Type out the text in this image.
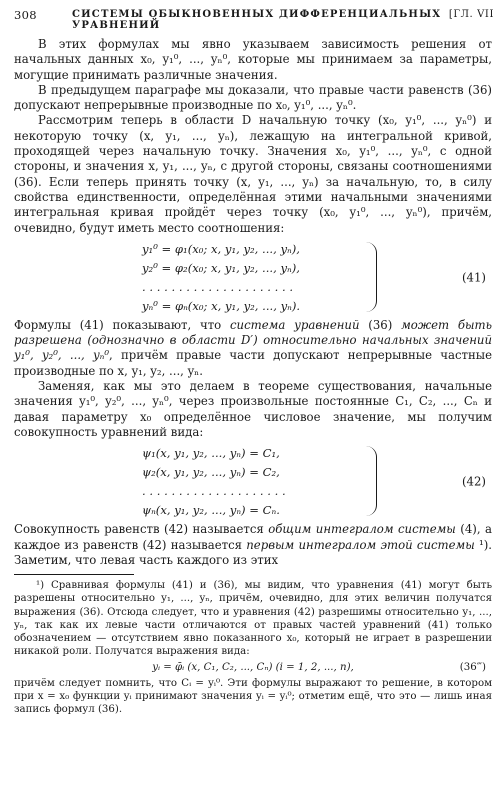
308	СИСТЕМЫ ОБЫКНОВЕННЫХ ДИФФЕРЕНЦИАЛЬНЫХ УРАВНЕНИЙ
[ГЛ. VII

В этих формулах мы явно указываем зависимость решения от начальных данных x₀, y₁⁰, ..., yₙ⁰, которые мы принимаем за параметры, могущие принимать различные значения.

В предыдущем параграфе мы доказали, что правые части равенств (36) допускают непрерывные производные по x₀, y₁⁰, ..., yₙ⁰.

Рассмотрим теперь в области D начальную точку (x₀, y₁⁰, ..., yₙ⁰) и некоторую точку (x, y₁, ..., yₙ), лежащую на интегральной кривой, проходящей через начальную точку. Значения x₀, y₁⁰, ..., yₙ⁰, с одной стороны, и значения x, y₁, ..., yₙ, с другой стороны, связаны соотношениями (36). Если теперь принять точку (x, y₁, ..., yₙ) за начальную, то, в силу свойства единственности, определённая этими начальными значениями интегральная кривая пройдёт через точку (x₀, y₁⁰, ..., yₙ⁰), причём, очевидно, будут иметь место соотношения:

y₁⁰ = φ₁(x₀; x, y₁, y₂, ..., yₙ),
y₂⁰ = φ₂(x₀; x, y₁, y₂, ..., yₙ),
. . . . . . . . . . . . . . . . . . . . .
yₙ⁰ = φₙ(x₀; x, y₁, y₂, ..., yₙ).
(41)

Формулы (41) показывают, что система уравнений (36) может быть разрешена (однозначно в области D′) относительно начальных значений y₁⁰, y₂⁰, ..., yₙ⁰, причём правые части допускают непрерывные частные производные по x, y₁, y₂, ..., yₙ.

Заменяя, как мы это делаем в теореме существования, начальные значения y₁⁰, y₂⁰, ..., yₙ⁰, через произвольные постоянные C₁, C₂, ..., Cₙ и давая параметру x₀ определённое числовое значение, мы получим совокупность уравнений вида:

ψ₁(x, y₁, y₂, ..., yₙ) = C₁,
ψ₂(x, y₁, y₂, ..., yₙ) = C₂,
. . . . . . . . . . . . . . . . . . . .
ψₙ(x, y₁, y₂, ..., yₙ) = Cₙ.
(42)

Совокупность равенств (42) называется общим интегралом системы (4), а каждое из равенств (42) называется первым интегралом этой системы ¹). Заметим, что левая часть каждого из этих

¹) Сравнивая формулы (41) и (36), мы видим, что уравнения (41) могут быть разрешены относительно y₁, ..., yₙ, причём, очевидно, для этих величин получатся выражения (36). Отсюда следует, что и уравнения (42) разрешимы относительно y₁, ..., yₙ, так как их левые части отличаются от правых частей уравнений (41) только обозначением — отсутствием явно показанного x₀, который не играет в разрешении никакой роли. Получатся выражения вида:

yᵢ = φ̄ᵢ (x, C₁, C₂, ..., Cₙ) (i = 1, 2, ..., n),	(36‴)

причём следует помнить, что Cᵢ = yᵢ⁰. Эти формулы выражают то решение, в котором при x = x₀ функции yᵢ принимают значения yᵢ = yᵢ⁰; отметим ещё, что это — лишь иная запись формул (36).
